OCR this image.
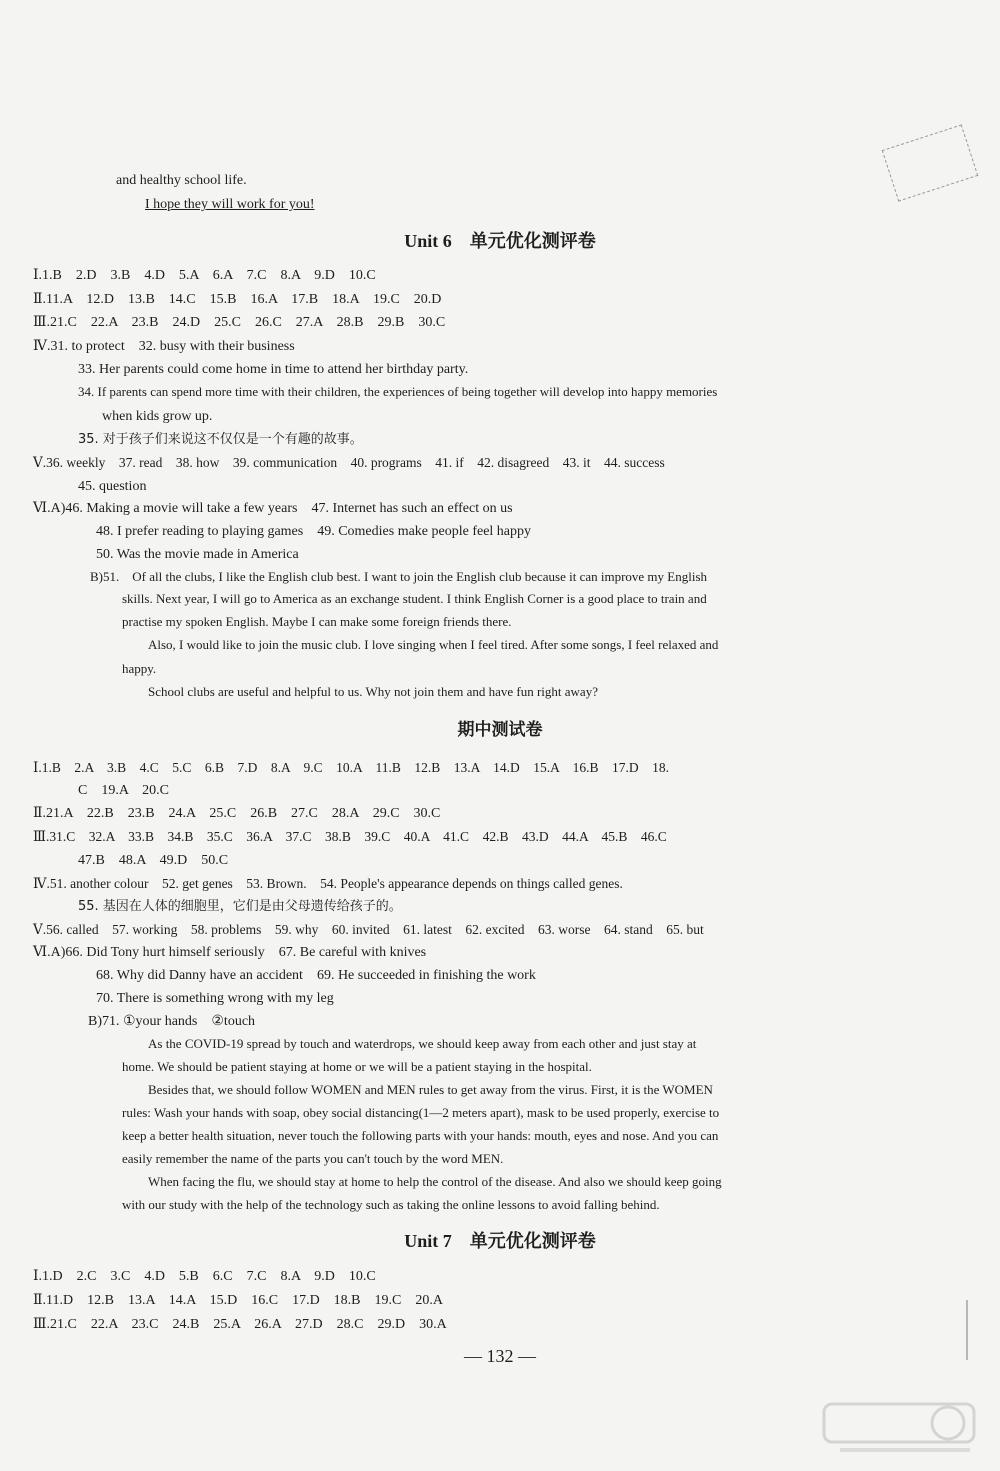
and healthy school life.
I hope they will work for you!
Unit 6　单元优化测评卷
Ⅰ.1.B　2.D　3.B　4.D　5.A　6.A　7.C　8.A　9.D　10.C
Ⅱ.11.A　12.D　13.B　14.C　15.B　16.A　17.B　18.A　19.C　20.D
Ⅲ.21.C　22.A　23.B　24.D　25.C　26.C　27.A　28.B　29.B　30.C
Ⅳ.31. to protect　32. busy with their business
33. Her parents could come home in time to attend her birthday party.
34. If parents can spend more time with their children, the experiences of being together will develop into happy memories
when kids grow up.
35. 对于孩子们来说这不仅仅是一个有趣的故事。
Ⅴ.36. weekly　37. read　38. how　39. communication　40. programs　41. if　42. disagreed　43. it　44. success
45. question
Ⅵ.A)46. Making a movie will take a few years　47. Internet has such an effect on us
48. I prefer reading to playing games　49. Comedies make people feel happy
50. Was the movie made in America
B)51.　Of all the clubs, I like the English club best. I want to join the English club because it can improve my English
skills. Next year, I will go to America as an exchange student. I think English Corner is a good place to train and
practise my spoken English. Maybe I can make some foreign friends there.
Also, I would like to join the music club. I love singing when I feel tired. After some songs, I feel relaxed and
happy.
School clubs are useful and helpful to us. Why not join them and have fun right away?
期中测试卷
Ⅰ.1.B　2.A　3.B　4.C　5.C　6.B　7.D　8.A　9.C　10.A　11.B　12.B　13.A　14.D　15.A　16.B　17.D　18.
C　19.A　20.C
Ⅱ.21.A　22.B　23.B　24.A　25.C　26.B　27.C　28.A　29.C　30.C
Ⅲ.31.C　32.A　33.B　34.B　35.C　36.A　37.C　38.B　39.C　40.A　41.C　42.B　43.D　44.A　45.B　46.C
47.B　48.A　49.D　50.C
Ⅳ.51. another colour　52. get genes　53. Brown.　54. People's appearance depends on things called genes.
55. 基因在人体的细胞里，它们是由父母遗传给孩子的。
Ⅴ.56. called　57. working　58. problems　59. why　60. invited　61. latest　62. excited　63. worse　64. stand　65. but
Ⅵ.A)66. Did Tony hurt himself seriously　67. Be careful with knives
68. Why did Danny have an accident　69. He succeeded in finishing the work
70. There is something wrong with my leg
B)71. ①your hands　②touch
As the COVID-19 spread by touch and waterdrops, we should keep away from each other and just stay at
home. We should be patient staying at home or we will be a patient staying in the hospital.
Besides that, we should follow WOMEN and MEN rules to get away from the virus. First, it is the WOMEN
rules: Wash your hands with soap, obey social distancing(1—2 meters apart), mask to be used properly, exercise to
keep a better health situation, never touch the following parts with your hands: mouth, eyes and nose. And you can
easily remember the name of the parts you can't touch by the word MEN.
When facing the flu, we should stay at home to help the control of the disease. And also we should keep going
with our study with the help of the technology such as taking the online lessons to avoid falling behind.
Unit 7　单元优化测评卷
Ⅰ.1.D　2.C　3.C　4.D　5.B　6.C　7.C　8.A　9.D　10.C
Ⅱ.11.D　12.B　13.A　14.A　15.D　16.C　17.D　18.B　19.C　20.A
Ⅲ.21.C　22.A　23.C　24.B　25.A　26.A　27.D　28.C　29.D　30.A
— 132 —
